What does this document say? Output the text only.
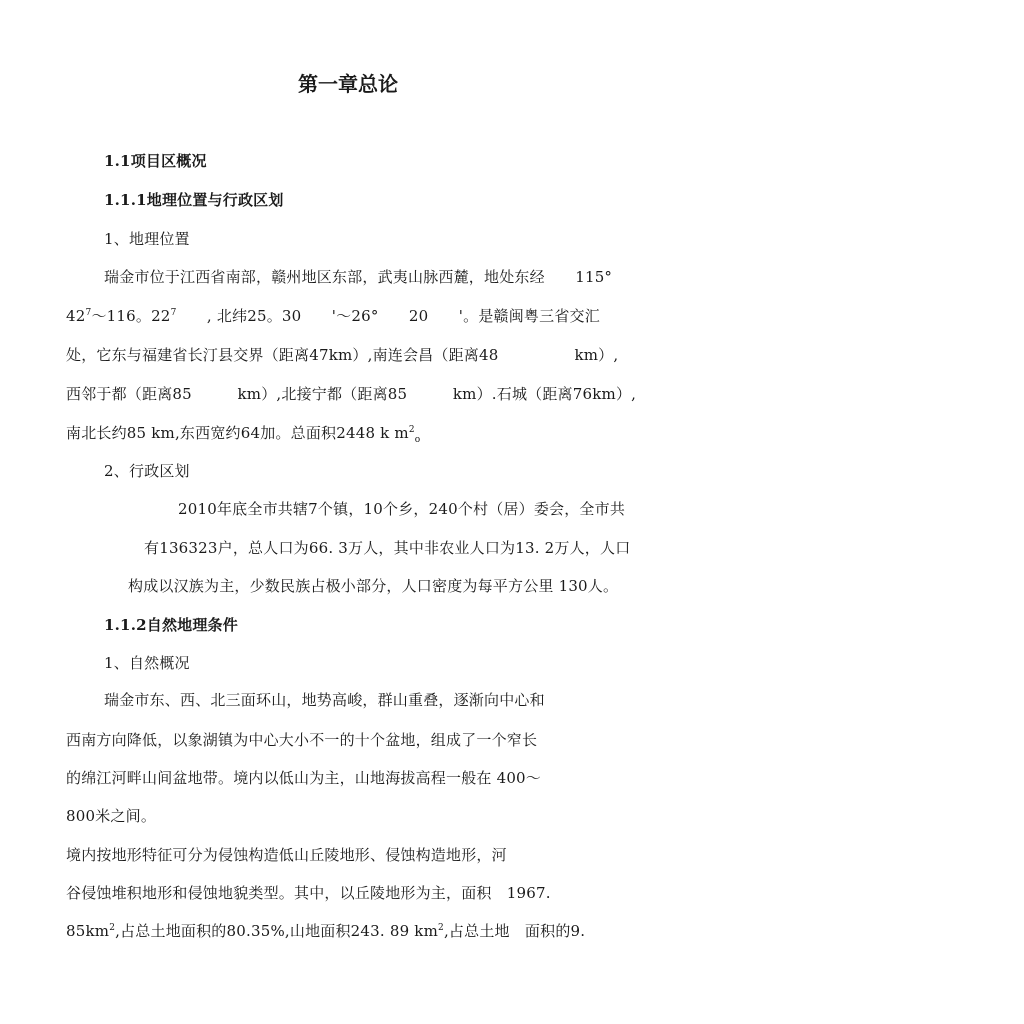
第一章总论
1.1项目区概况
1.1.1地理位置与行政区划
1、地理位置
瑞金市位于江西省南部，赣州地区东部，武夷山脉西麓，地处东经　　115°
$42^7\sim 116$。$22^7$　　, 北纬25。30　　'～26°　　20　　'。是赣闽粤三省交汇
处，它东与福建省长汀县交界（距离47km）,南连会昌（距离48　　　　　km）,
西邻于都（距离85　　　km）,北接宁都（距离85　　　km）.石城（距离76km）,
南北长约85 km,东西宽约64加。总面积2448 k $m^2_o$
2、行政区划
2010年底全市共辖7个镇，10个乡，240个村（居）委会，全市共
有136323户，总人口为66. 3万人，其中非农业人口为13. 2万人，人口
构成以汉族为主，少数民族占极小部分，人口密度为每平方公里 130人。
1.1.2自然地理条件
1、自然概况
瑞金市东、西、北三面环山，地势高峻，群山重叠，逐渐向中心和
西南方向降低，以象湖镇为中心大小不一的十个盆地，组成了一个窄长
的绵江河畔山间盆地带。境内以低山为主，山地海拔高程一般在 400～
800米之间。
境内按地形特征可分为侵蚀构造低山丘陵地形、侵蚀构造地形，河
谷侵蚀堆积地形和侵蚀地貌类型。其中，以丘陵地形为主，面积　1967.
$85km^2$,占总土地面积的80.35%,山地面积243. 89 $km^2$,占总土地　面积的9.
